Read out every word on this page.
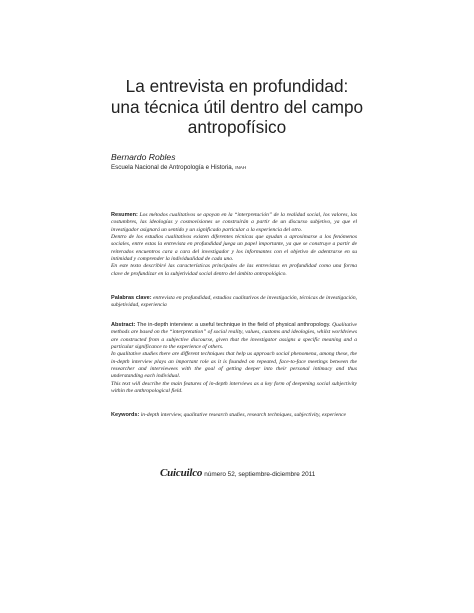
La entrevista en profundidad:
una técnica útil dentro del campo
antropofísico
Bernardo Robles
Escuela Nacional de Antropología e Historia, INAH

Resumen: Los métodos cualitativos se apoyan en la “interpretación” de la realidad social, los valores, las costumbres, las ideologías y cosmovisiones se construirán a partir de un discurso subjetivo, ya que el investigador asignará un sentido y un significado particular a la experiencia del otro.

Dentro de los estudios cualitativos existen diferentes técnicas que ayudan a aproximarse a los fenómenos sociales, entre estas la entrevista en profundidad juega un papel importante, ya que se construye a partir de reiterados encuentros cara a cara del investigador y los informantes con el objetivo de adentrarse en su intimidad y comprender la individualidad de cada uno.

En este texto describiré las características principales de las entrevistas en profundidad como una forma clave de profundizar en la subjetividad social dentro del ámbito antropológico.

Palabras clave: entrevista en profundidad, estudios cualitativos de investigación, técnicas de investigación, subjetividad, experiencia

Abstract: The in-depth interview: a useful technique in the field of physical anthropology. Qualitative methods are based on the “interpretation” of social reality, values, customs and ideologies, whilst worldviews are constructed from a subjective discourse, given that the investigator assigns a specific meaning and a particular significance to the experience of others.

In qualitative studies there are different techniques that help us approach social phenomena, among these, the in-depth interview plays an important role as it is founded on repeated, face-to-face meetings between the researcher and interviewees with the goal of getting deeper into their personal intimacy and thus understanding each individual.

This text will describe the main features of in-depth interviews as a key form of deepening social subjectivity within the anthropological field.

Keywords: in-depth interview, qualitative research studies, research techniques, subjectivity, experience

Cuicuilco número 52, septiembre-diciembre 2011
